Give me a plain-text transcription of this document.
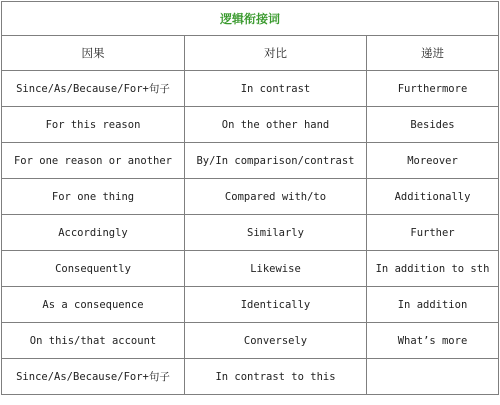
逻辑衔接词		
因果	对比	递进
Since/As/Because/For+句子	In contrast	Furthermore
For this reason	On the other hand	Besides
For one reason or another	By/In comparison/contrast	Moreover
For one thing	Compared with/to	Additionally
Accordingly	Similarly	Further
Consequently	Likewise	In addition to sth
As a consequence	Identically	In addition
On this/that account	Conversely	What’s more
Since/As/Because/For+句子	In contrast to this	
